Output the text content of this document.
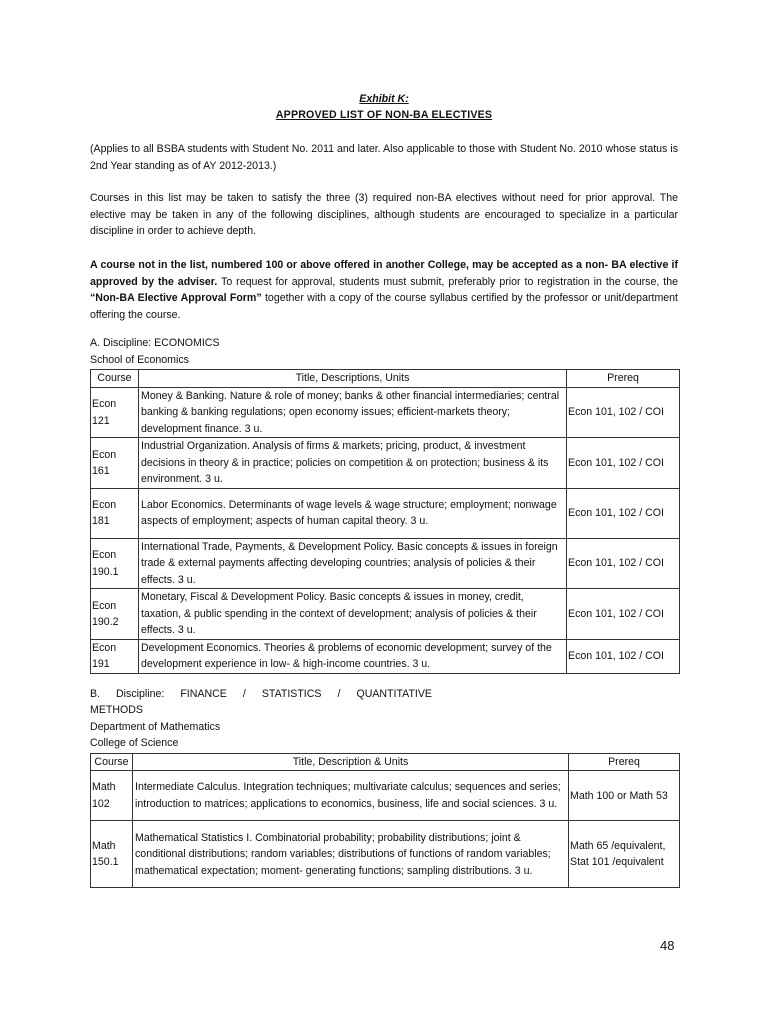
Exhibit K:
APPROVED LIST OF NON-BA ELECTIVES

(Applies to all BSBA students with Student No. 2011 and later. Also applicable to those with Student No. 2010 whose status is 2nd Year standing as of AY 2012-2013.)

Courses in this list may be taken to satisfy the three (3) required non-BA electives without need for prior approval. The elective may be taken in any of the following disciplines, although students are encouraged to specialize in a particular discipline in order to achieve depth.

A course not in the list, numbered 100 or above offered in another College, may be accepted as a non- BA elective if approved by the adviser. To request for approval, students must submit, preferably prior to registration in the course, the “Non-BA Elective Approval Form” together with a copy of the course syllabus certified by the professor or unit/department offering the course.

A. Discipline: ECONOMICS
School of Economics
Course	Title, Descriptions, Units	Prereq
Econ 121	Money & Banking. Nature & role of money; banks & other financial intermediaries; central banking & banking regulations; open economy issues; efficient-markets theory; development finance. 3 u.	Econ 101, 102 / COI
Econ 161	Industrial Organization. Analysis of firms & markets; pricing, product, & investment decisions in theory & in practice; policies on competition & on protection; business & its environment. 3 u.	Econ 101, 102 / COI
Econ 181	Labor Economics. Determinants of wage levels & wage structure; employment; nonwage aspects of employment; aspects of human capital theory. 3 u.	Econ 101, 102 / COI
Econ 190.1	International Trade, Payments, & Development Policy. Basic concepts & issues in foreign trade & external payments affecting developing countries; analysis of policies & their effects. 3 u.	Econ 101, 102 / COI
Econ 190.2	Monetary, Fiscal & Development Policy. Basic concepts & issues in money, credit, taxation, & public spending in the context of development; analysis of policies & their effects. 3 u.	Econ 101, 102 / COI
Econ 191	Development Economics. Theories & problems of economic development; survey of the development experience in low- & high-income countries. 3 u.	Econ 101, 102 / COI
B. Discipline: FINANCE / STATISTICS / QUANTITATIVE
METHODS
Department of Mathematics
College of Science
Course	Title, Description & Units	Prereq
Math 102	Intermediate Calculus. Integration techniques; multivariate calculus; sequences and series; introduction to matrices; applications to economics, business, life and social sciences. 3 u.	Math 100 or Math 53
Math 150.1	Mathematical Statistics I. Combinatorial probability; probability distributions; joint & conditional distributions; random variables; distributions of functions of random variables; mathematical expectation; moment- generating functions; sampling distributions. 3 u.	Math 65 /equivalent, Stat 101 /equivalent
48
